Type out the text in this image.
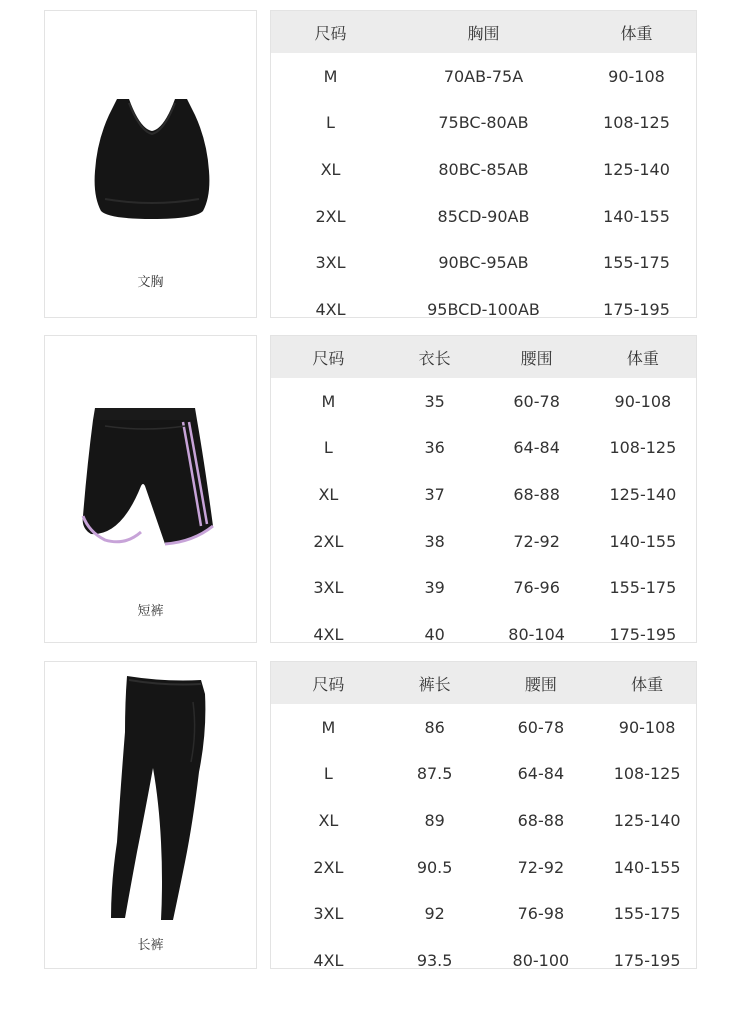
文胸
尺码	胸围	体重
M	70AB-75A	90-108
L	75BC-80AB	108-125
XL	80BC-85AB	125-140
2XL	85CD-90AB	140-155
3XL	90BC-95AB	155-175
4XL	95BCD-100AB	175-195
短裤
尺码	衣长	腰围	体重
M	35	60-78	90-108
L	36	64-84	108-125
XL	37	68-88	125-140
2XL	38	72-92	140-155
3XL	39	76-96	155-175
4XL	40	80-104	175-195
长裤
尺码	裤长	腰围	体重
M	86	60-78	90-108
L	87.5	64-84	108-125
XL	89	68-88	125-140
2XL	90.5	72-92	140-155
3XL	92	76-98	155-175
4XL	93.5	80-100	175-195
